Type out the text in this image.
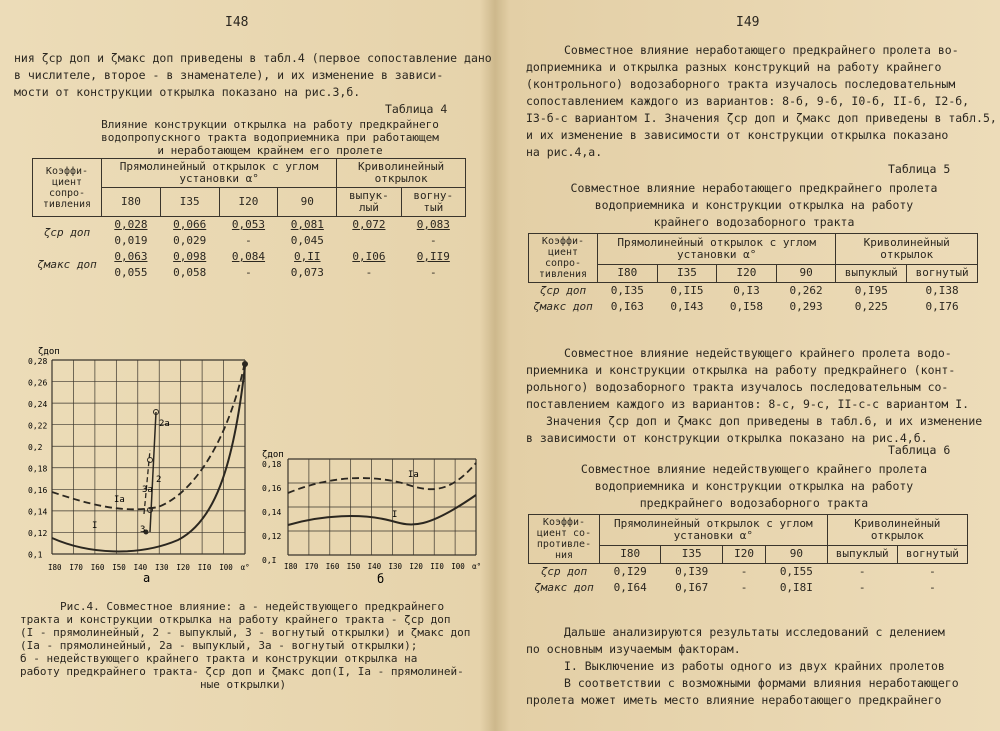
I48
ния ζср доп и ζмакс доп приведены в табл.4 (первое сопоставление дано
в числителе, второе - в знаменателе), и их изменение в зависи-
мости от конструкции открылка показано на рис.3,б.
Таблица 4
Влияние конструкции открылка на работу предкрайнего
водопропускного тракта водоприемника при работающем
и неработающем крайнем его пролете
Коэффи-циент сопро-тивления	Прямолинейный открылок с углом установки α°				Криволинейный открылок	
	I80	I35	I20	90	выпук-лый	вогну-тый
ζср доп	0,028	0,066	0,053	0,081	0,072	0,083
	0,019	0,029	-	0,045		-
ζмакс доп	0,063	0,098	0,084	0,II	0,I06	0,II9
	0,055	0,058	-	0,073	-	-
ζдоп
0,28
0,26
0,24
0,22
0,2
0,18
0,16
0,14
0,12
0,1
I80 I70 I60 I50 I40 I30 I20 II0 I00 α°
I
Iа
2
2а
3
3а
а
ζдоп
0,18
0,16
0,14
0,12
0,I
I80 I70 I60 I50 I40 I30 I20 II0 I00 α°
I
Iа
б
Рис.4. Совместное влияние: а - недействующего предкрайнего
тракта и конструкции открылка на работу крайнего тракта - ζср доп
(I - прямолинейный, 2 - выпуклый, 3 - вогнутый открылки) и ζмакс доп
(Iа - прямолинейный, 2а - выпуклый, 3а - вогнутый открылки);
б - недействующего крайнего тракта и конструкции открылка на
работу предкрайнего тракта- ζср доп и ζмакс доп(I, Iа - прямолиней-
ные открылки)
I49
Совместное влияние неработающего предкрайнего пролета во-
доприемника и открылка разных конструкций на работу крайнего
(контрольного) водозаборного тракта изучалось последовательным
сопоставлением каждого из вариантов: 8-б, 9-б, I0-б, II-б, I2-б,
I3-б-с вариантом I. Значения ζср доп и ζмакс доп приведены в табл.5,
и их изменение в зависимости от конструкции открылка показано
на рис.4,а.
Таблица 5
Совместное влияние неработающего предкрайнего пролета
водоприемника и конструкции открылка на работу
крайнего водозаборного тракта
Коэффи-циент сопро-тивления	Прямолинейный открылок с углом установки α°				Криволинейный открылок	
	I80	I35	I20	90	выпуклый	вогнутый
ζср доп	0,I35	0,II5	0,I3	0,262	0,I95	0,I38
ζмакс доп	0,I63	0,I43	0,I58	0,293	0,225	0,I76
Совместное влияние недействующего крайнего пролета водо-
приемника и конструкции открылка на работу предкрайнего (конт-
рольного) водозаборного тракта изучалось последовательным со-
поставлением каждого из вариантов: 8-с, 9-с, II-с-с вариантом I.
Значения ζср доп и ζмакс доп приведены в табл.6, и их изменение
в зависимости от конструкции открылка показано на рис.4,б.
Таблица 6
Совместное влияние недействующего крайнего пролета
водоприемника и конструкции открылка на работу
предкрайнего водозаборного тракта
Коэффи-циент со-противле-ния	Прямолинейный открылок с углом установки α°				Криволинейный открылок	
	I80	I35	I20	90	выпуклый	вогнутый
ζср доп	0,I29	0,I39	-	0,I55	-	-
ζмакс доп	0,I64	0,I67	-	0,I8I	-	-
Дальше анализируются результаты исследований с делением
по основным изучаемым факторам.
I. Выключение из работы одного из двух крайних пролетов
В соответствии с возможными формами влияния неработающего
пролета может иметь место влияние неработающего предкрайнего
